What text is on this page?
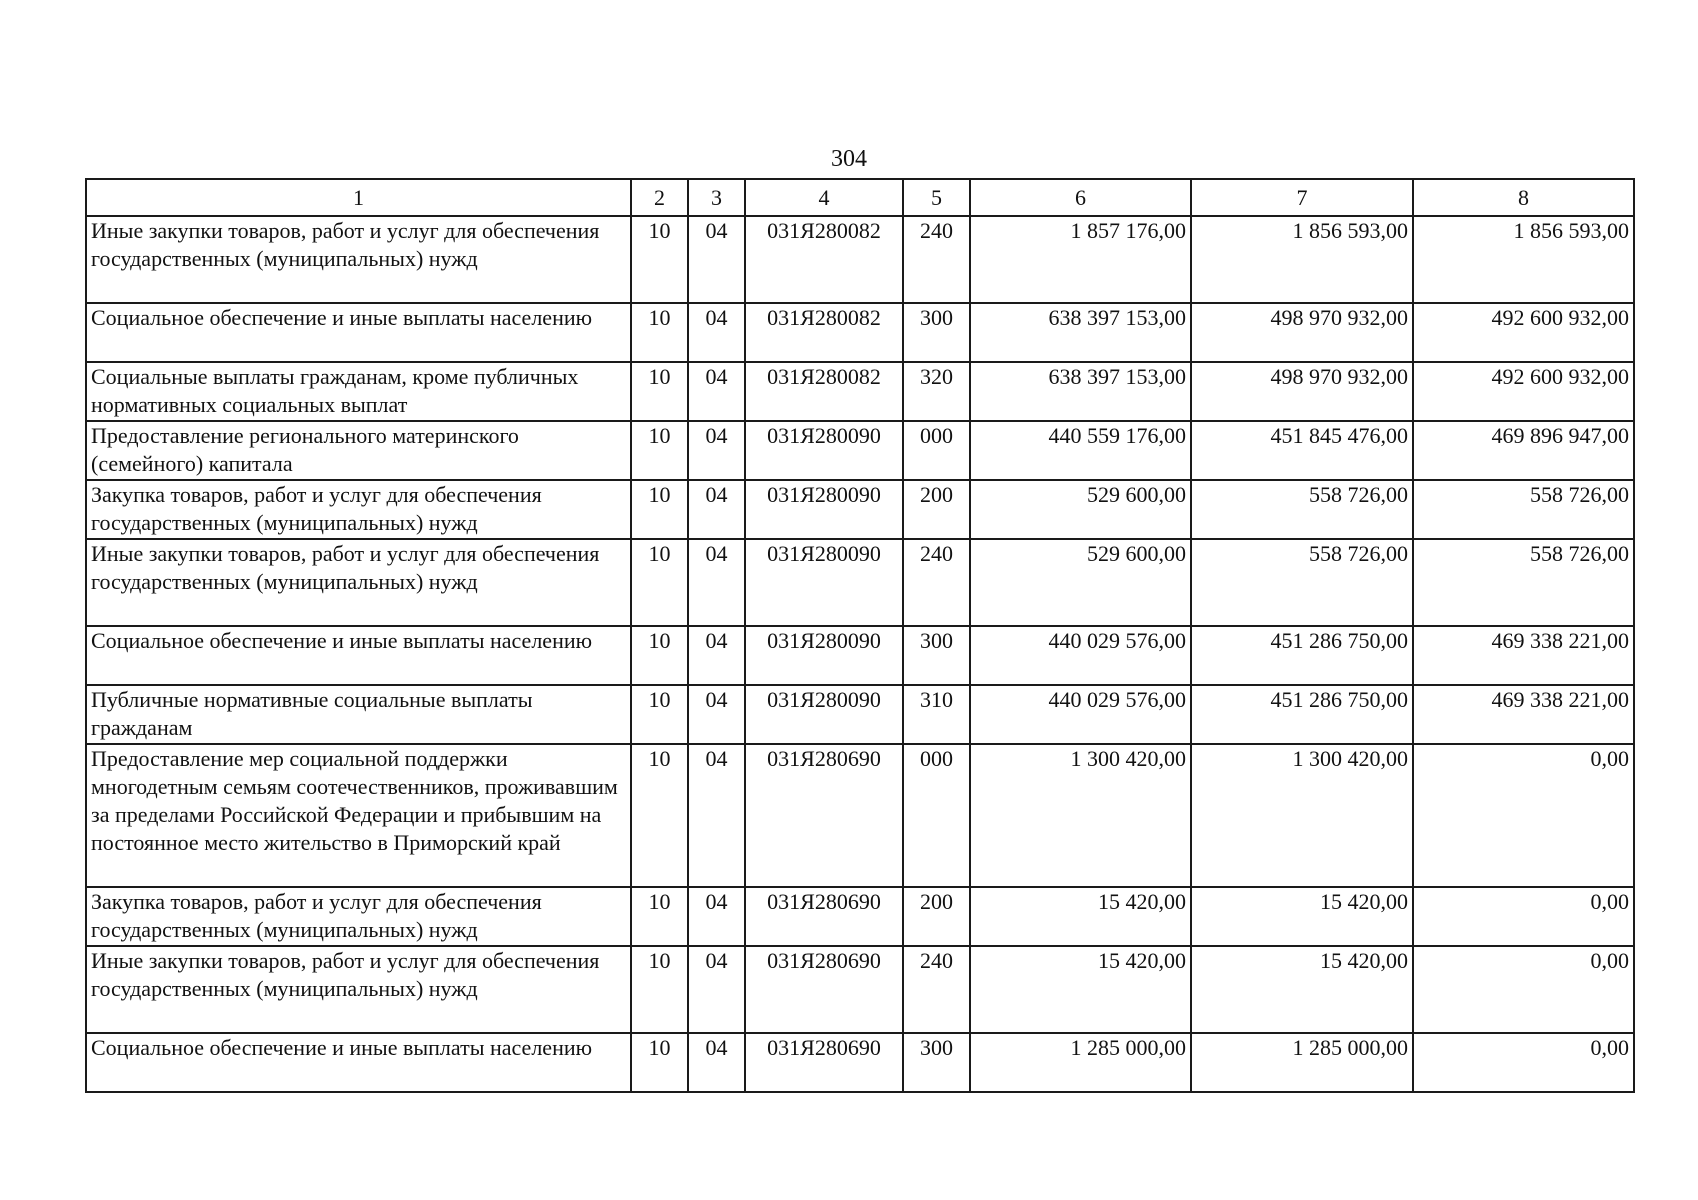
304
1	2	3	4	5	6	7	8
Иные закупки товаров, работ и услуг для обеспечения государственных (муниципальных) нужд	10	04	031Я280082	240	1 857 176,00	1 856 593,00	1 856 593,00
Социальное обеспечение и иные выплаты населению	10	04	031Я280082	300	638 397 153,00	498 970 932,00	492 600 932,00
Социальные выплаты гражданам, кроме публичных нормативных социальных выплат	10	04	031Я280082	320	638 397 153,00	498 970 932,00	492 600 932,00
Предоставление регионального материнского (семейного) капитала	10	04	031Я280090	000	440 559 176,00	451 845 476,00	469 896 947,00
Закупка товаров, работ и услуг для обеспечения государственных (муниципальных) нужд	10	04	031Я280090	200	529 600,00	558 726,00	558 726,00
Иные закупки товаров, работ и услуг для обеспечения государственных (муниципальных) нужд	10	04	031Я280090	240	529 600,00	558 726,00	558 726,00
Социальное обеспечение и иные выплаты населению	10	04	031Я280090	300	440 029 576,00	451 286 750,00	469 338 221,00
Публичные нормативные социальные выплаты гражданам	10	04	031Я280090	310	440 029 576,00	451 286 750,00	469 338 221,00
Предоставление мер социальной поддержки многодетным семьям соотечественников, проживавшим за пределами Российской Федерации и прибывшим на постоянное место жительство в Приморский край	10	04	031Я280690	000	1 300 420,00	1 300 420,00	0,00
Закупка товаров, работ и услуг для обеспечения государственных (муниципальных) нужд	10	04	031Я280690	200	15 420,00	15 420,00	0,00
Иные закупки товаров, работ и услуг для обеспечения государственных (муниципальных) нужд	10	04	031Я280690	240	15 420,00	15 420,00	0,00
Социальное обеспечение и иные выплаты населению	10	04	031Я280690	300	1 285 000,00	1 285 000,00	0,00
